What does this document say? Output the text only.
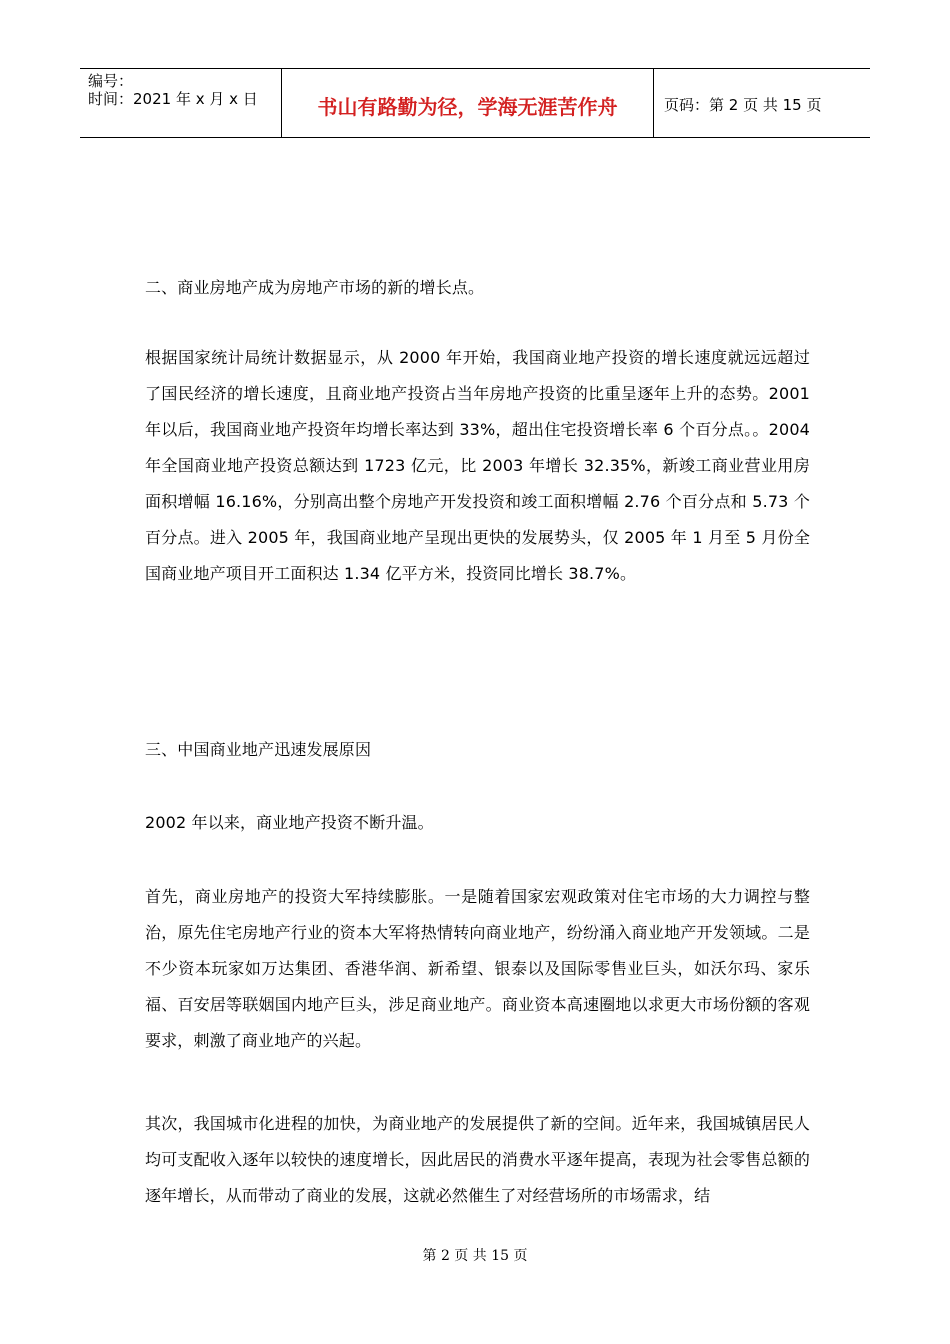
编号：
时间：2021 年 x 月 x 日	书山有路勤为径，学海无涯苦作舟	页码：第 2 页 共 15 页

二、商业房地产成为房地产市场的新的增长点。

根据国家统计局统计数据显示，从 2000 年开始，我国商业地产投资的增长速度就远远超过了国民经济的增长速度，且商业地产投资占当年房地产投资的比重呈逐年上升的态势。2001 年以后，我国商业地产投资年均增长率达到 33%，超出住宅投资增长率 6 个百分点。。2004 年全国商业地产投资总额达到 1723 亿元，比 2003 年增长 32.35%，新竣工商业营业用房面积增幅 16.16%，分别高出整个房地产开发投资和竣工面积增幅 2.76 个百分点和 5.73 个百分点。进入 2005 年，我国商业地产呈现出更快的发展势头，仅 2005 年 1 月至 5 月份全国商业地产项目开工面积达 1.34 亿平方米，投资同比增长 38.7%。

三、中国商业地产迅速发展原因

2002 年以来，商业地产投资不断升温。

首先，商业房地产的投资大军持续膨胀。一是随着国家宏观政策对住宅市场的大力调控与整治，原先住宅房地产行业的资本大军将热情转向商业地产，纷纷涌入商业地产开发领域。二是不少资本玩家如万达集团、香港华润、新希望、银泰以及国际零售业巨头，如沃尔玛、家乐福、百安居等联姻国内地产巨头，涉足商业地产。商业资本高速圈地以求更大市场份额的客观要求，刺激了商业地产的兴起。

其次，我国城市化进程的加快，为商业地产的发展提供了新的空间。近年来，我国城镇居民人均可支配收入逐年以较快的速度增长，因此居民的消费水平逐年提高，表现为社会零售总额的逐年增长，从而带动了商业的发展，这就必然催生了对经营场所的市场需求，结

第 2 页 共 15 页
